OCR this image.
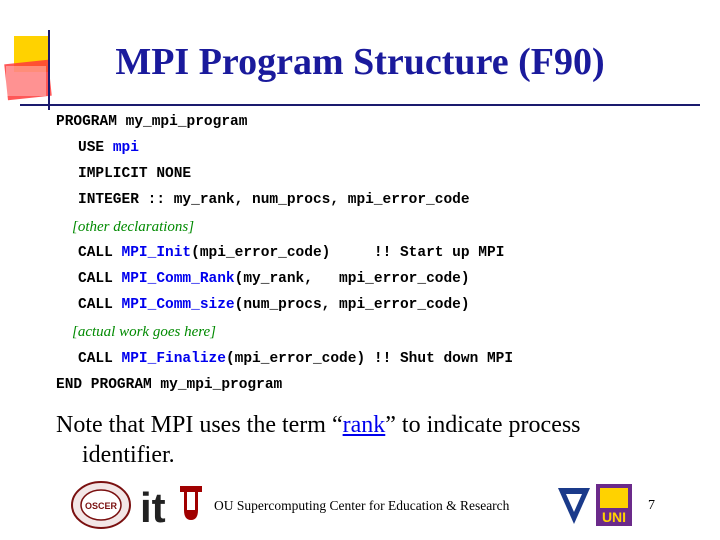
MPI Program Structure (F90)
PROGRAM my_mpi_program
USE mpi
IMPLICIT NONE
INTEGER :: my_rank, num_procs, mpi_error_code
[other declarations]
CALL MPI_Init(mpi_error_code)     !! Start up MPI
CALL MPI_Comm_Rank(my_rank,   mpi_error_code)
CALL MPI_Comm_size(num_procs, mpi_error_code)
[actual work goes here]
CALL MPI_Finalize(mpi_error_code) !! Shut down MPI
END PROGRAM my_mpi_program
Note that MPI uses the term “rank” to indicate process
identifier.
OSCER it	OU Supercomputing Center for Education & Research
UNI
7
